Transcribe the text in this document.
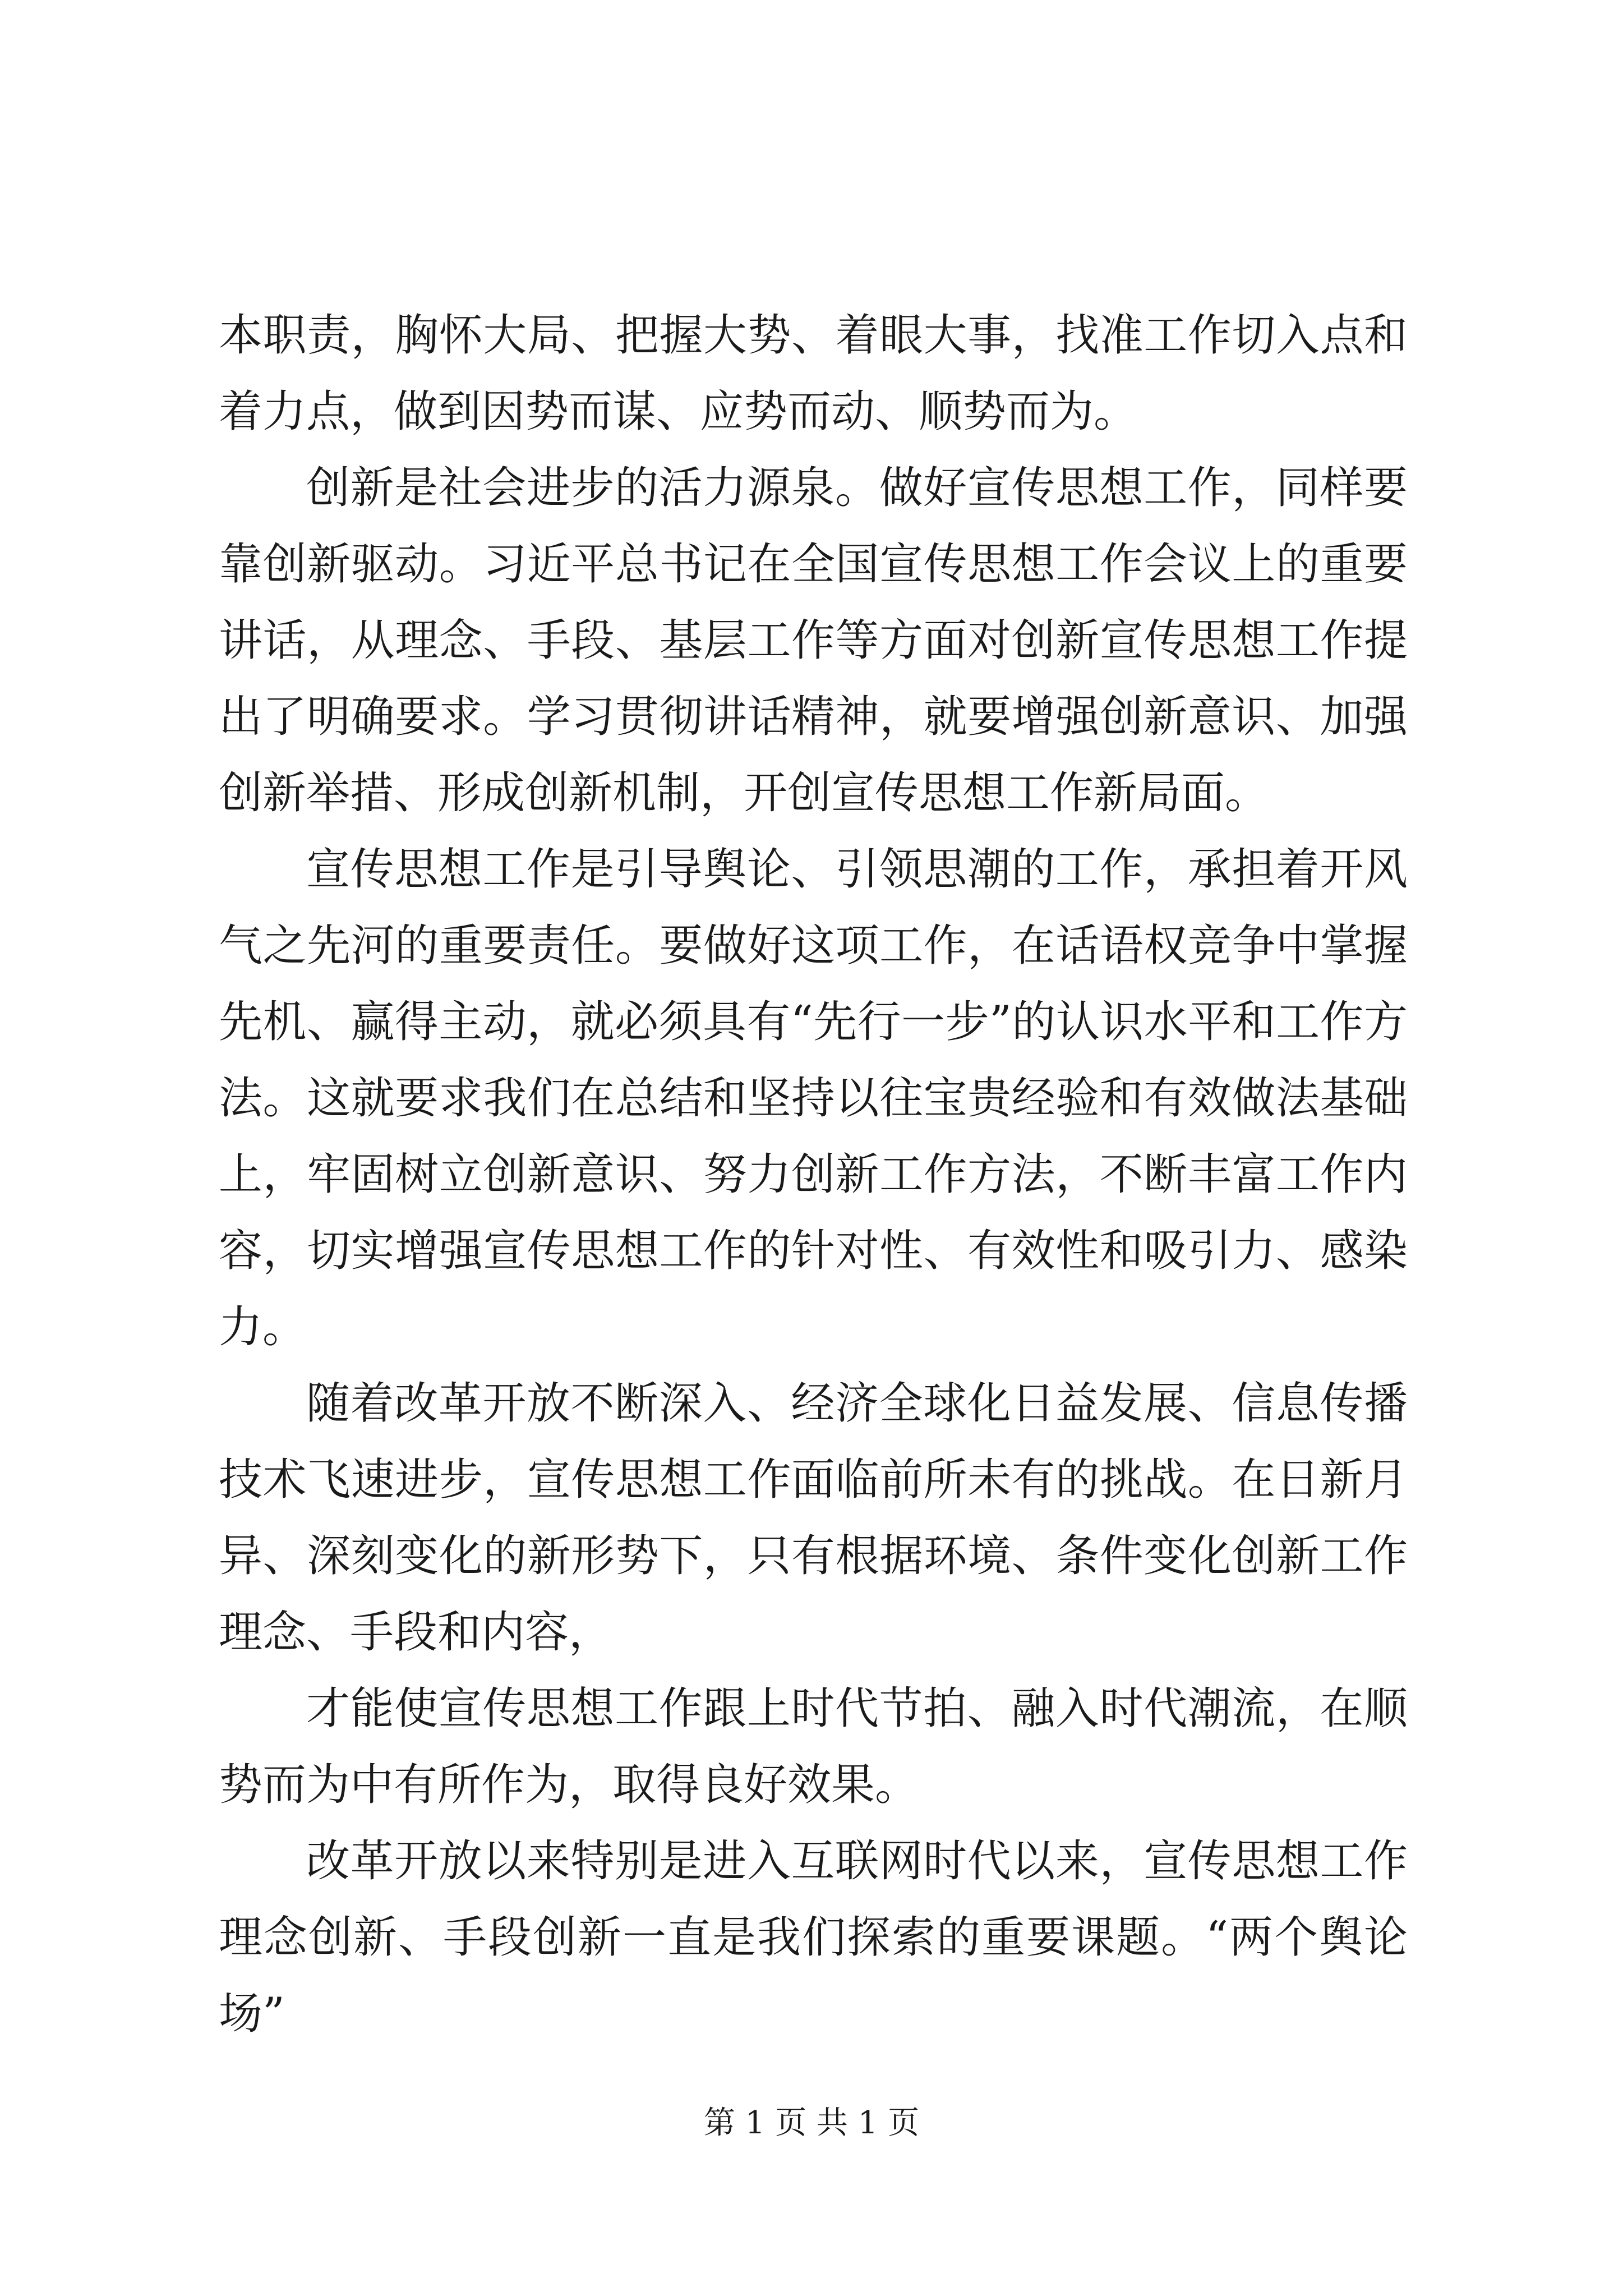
本职责，胸怀大局、把握大势、着眼大事，找准工作切入点和着力点，做到因势而谋、应势而动、顺势而为。

创新是社会进步的活力源泉。做好宣传思想工作，同样要靠创新驱动。习近平总书记在全国宣传思想工作会议上的重要讲话，从理念、手段、基层工作等方面对创新宣传思想工作提出了明确要求。学习贯彻讲话精神，就要增强创新意识、加强创新举措、形成创新机制，开创宣传思想工作新局面。

宣传思想工作是引导舆论、引领思潮的工作，承担着开风气之先河的重要责任。要做好这项工作，在话语权竞争中掌握先机、赢得主动，就必须具有“先行一步”的认识水平和工作方法。这就要求我们在总结和坚持以往宝贵经验和有效做法基础上，牢固树立创新意识、努力创新工作方法，不断丰富工作内容，切实增强宣传思想工作的针对性、有效性和吸引力、感染力。

随着改革开放不断深入、经济全球化日益发展、信息传播技术飞速进步，宣传思想工作面临前所未有的挑战。在日新月异、深刻变化的新形势下，只有根据环境、条件变化创新工作理念、手段和内容，

才能使宣传思想工作跟上时代节拍、融入时代潮流，在顺势而为中有所作为，取得良好效果。

改革开放以来特别是进入互联网时代以来，宣传思想工作理念创新、手段创新一直是我们探索的重要课题。“两个舆论场”

第 1 页 共 1 页
